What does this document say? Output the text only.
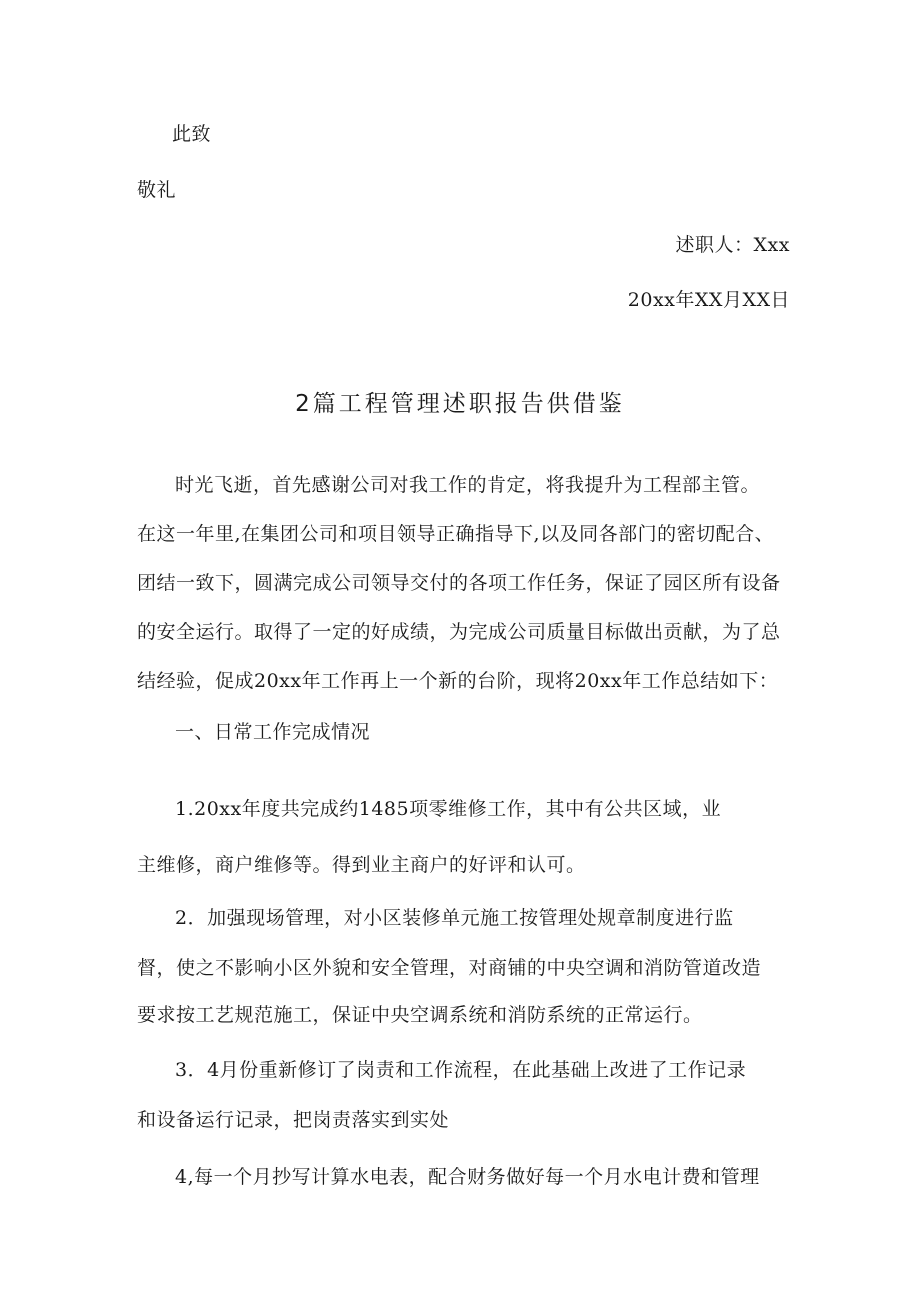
此致
敬礼
述职人：Xxx
20xx年XX月XX日
2篇工程管理述职报告供借鉴
时光飞逝，首先感谢公司对我工作的肯定，将我提升为工程部主管。
在这一年里,在集团公司和项目领导正确指导下,以及同各部门的密切配合、
团结一致下，圆满完成公司领导交付的各项工作任务，保证了园区所有设备
的安全运行。取得了一定的好成绩，为完成公司质量目标做出贡献，为了总
结经验，促成20xx年工作再上一个新的台阶，现将20xx年工作总结如下：
一、日常工作完成情况
1.20xx年度共完成约1485项零维修工作，其中有公共区域，业
主维修，商户维修等。得到业主商户的好评和认可。
2．加强现场管理，对小区装修单元施工按管理处规章制度进行监
督，使之不影响小区外貌和安全管理，对商铺的中央空调和消防管道改造
要求按工艺规范施工，保证中央空调系统和消防系统的正常运行。
3．4月份重新修订了岗责和工作流程，在此基础上改进了工作记录
和设备运行记录，把岗责落实到实处
4,每一个月抄写计算水电表，配合财务做好每一个月水电计费和管理
